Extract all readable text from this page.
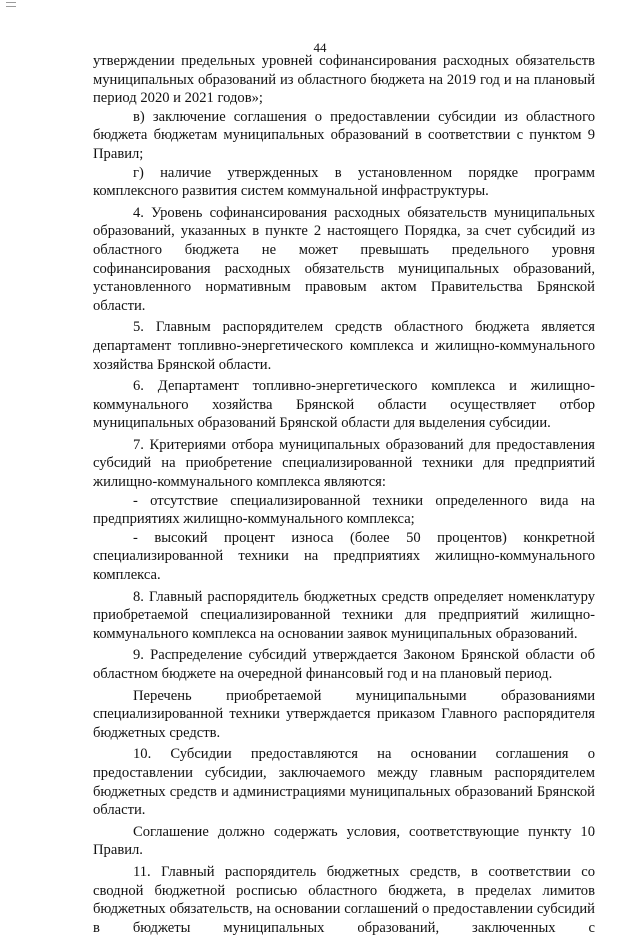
44

утверждении предельных уровней софинансирования расходных обязательств муниципальных образований из областного бюджета на 2019 год и на плановый период 2020 и 2021 годов»;

в) заключение соглашения о предоставлении субсидии из областного бюджета бюджетам муниципальных образований в соответствии с пунктом 9 Правил;

г) наличие утвержденных в установленном порядке программ комплексного развития систем коммунальной инфраструктуры.

4. Уровень софинансирования расходных обязательств муниципальных образований, указанных в пункте 2 настоящего Порядка, за счет субсидий из областного бюджета не может превышать предельного уровня софинансирования расходных обязательств муниципальных образований, установленного нормативным правовым актом Правительства Брянской области.

5. Главным распорядителем средств областного бюджета является департамент топливно-энергетического комплекса и жилищно-коммунального хозяйства Брянской области.

6. Департамент топливно-энергетического комплекса и жилищно-коммунального хозяйства Брянской области осуществляет отбор муниципальных образований Брянской области для выделения субсидии.

7. Критериями отбора муниципальных образований для предоставления субсидий на приобретение специализированной техники для предприятий жилищно-коммунального комплекса являются:

- отсутствие специализированной техники определенного вида на предприятиях жилищно-коммунального комплекса;

- высокий процент износа (более 50 процентов) конкретной специализированной техники на предприятиях жилищно-коммунального комплекса.

8. Главный распорядитель бюджетных средств определяет номенклатуру приобретаемой специализированной техники для предприятий жилищно-коммунального комплекса на основании заявок муниципальных образований.

9. Распределение субсидий утверждается Законом Брянской области об областном бюджете на очередной финансовый год и на плановый период.

Перечень приобретаемой муниципальными образованиями специализированной техники утверждается приказом Главного распорядителя бюджетных средств.

10. Субсидии предоставляются на основании соглашения о предоставлении субсидии, заключаемого между главным распорядителем бюджетных средств и администрациями муниципальных образований Брянской области.

Соглашение должно содержать условия, соответствующие пункту 10 Правил.

11. Главный распорядитель бюджетных средств, в соответствии со сводной бюджетной росписью областного бюджета, в пределах лимитов бюджетных обязательств, на основании соглашений о предоставлении субсидий в бюджеты муниципальных образований, заключенных с
